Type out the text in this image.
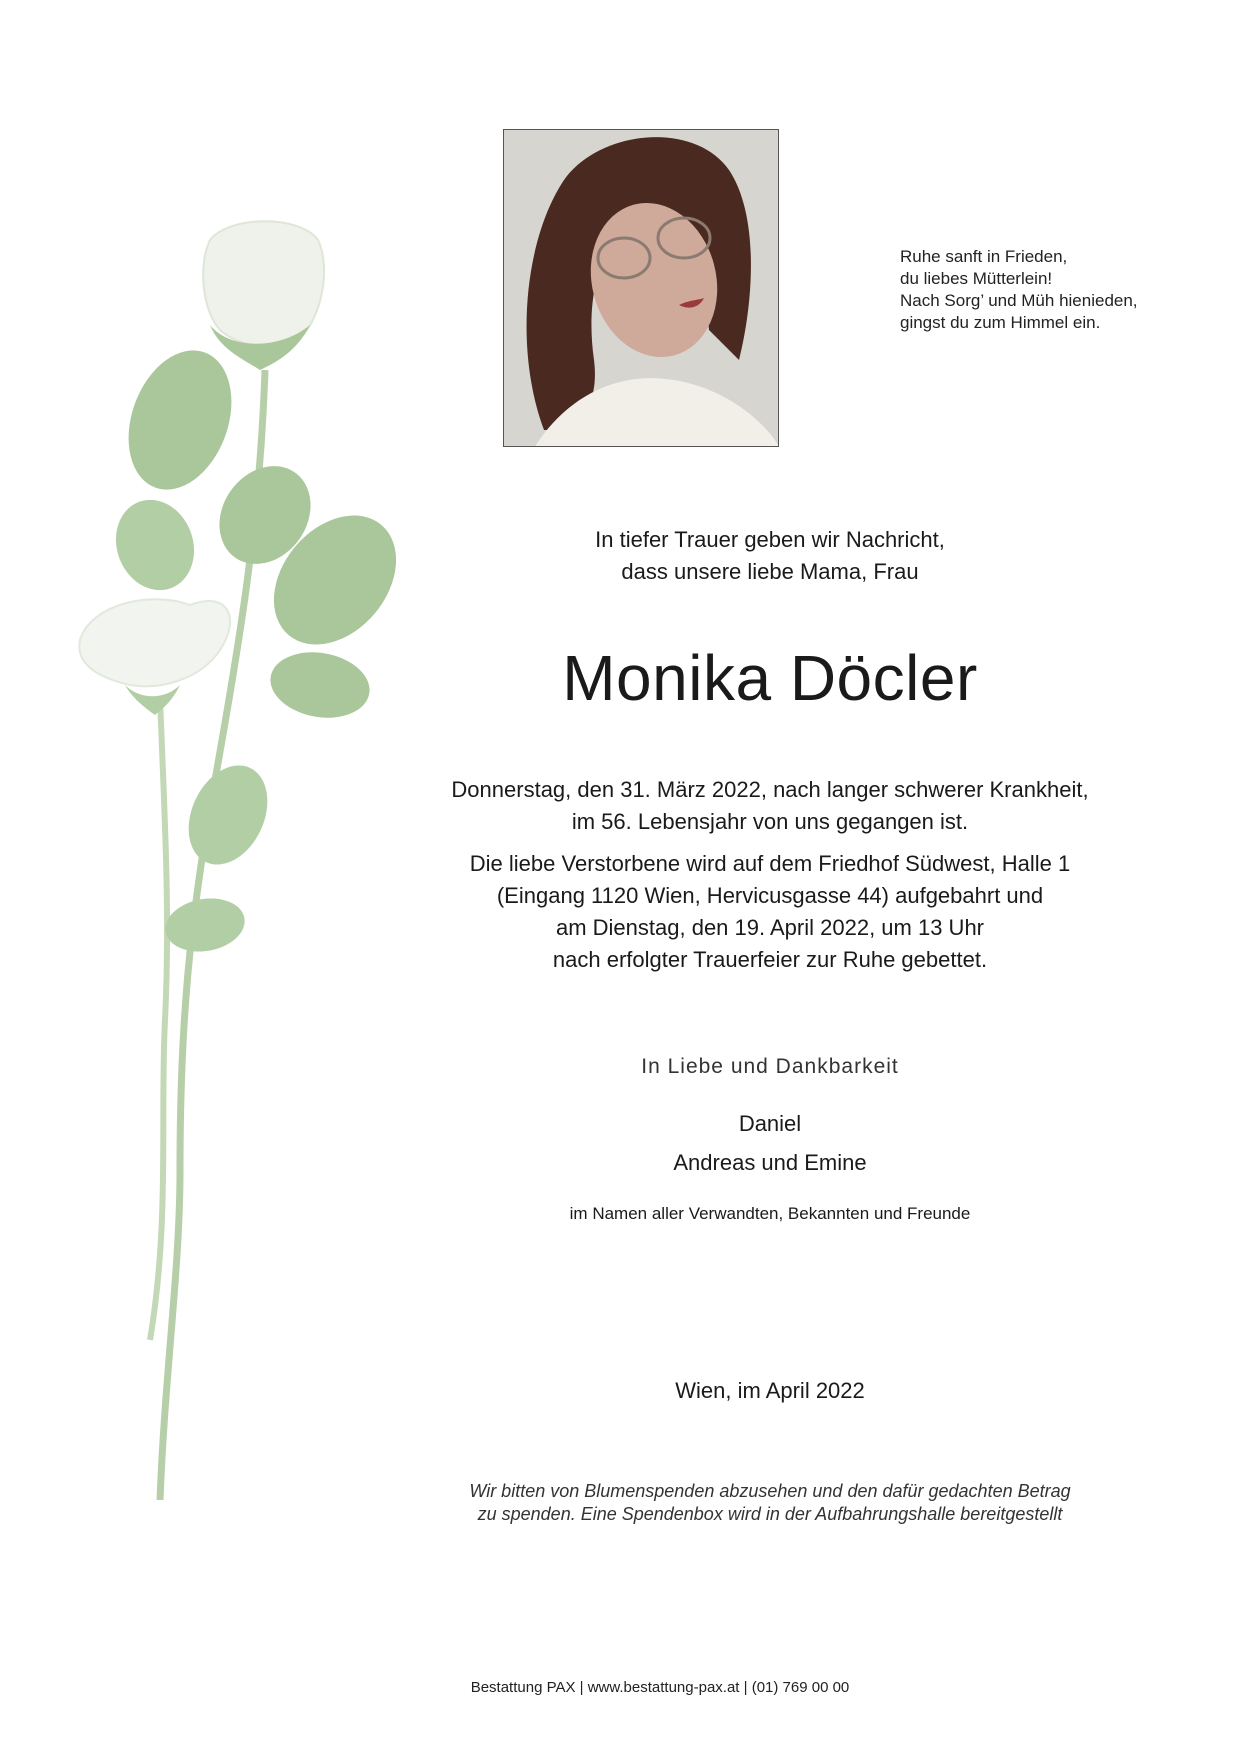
Ruhe sanft in Frieden,
du liebes Mütterlein!
Nach Sorg’ und Müh hienieden,
gingst du zum Himmel ein.
In tiefer Trauer geben wir Nachricht,
dass unsere liebe Mama, Frau
Monika Döcler

Donnerstag, den 31. März 2022, nach langer schwerer Krankheit,
im 56. Lebensjahr von uns gegangen ist.

Die liebe Verstorbene wird auf dem Friedhof Südwest, Halle 1
(Eingang 1120 Wien, Hervicusgasse 44) aufgebahrt und
am Dienstag, den 19. April 2022, um 13 Uhr
nach erfolgter Trauerfeier zur Ruhe gebettet.

In Liebe und Dankbarkeit
Daniel
Andreas und Emine
im Namen aller Verwandten, Bekannten und Freunde
Wien, im April 2022
Wir bitten von Blumenspenden abzusehen und den dafür gedachten Betrag
zu spenden. Eine Spendenbox wird in der Aufbahrungshalle bereitgestellt
Bestattung PAX | www.bestattung-pax.at | (01) 769 00 00
